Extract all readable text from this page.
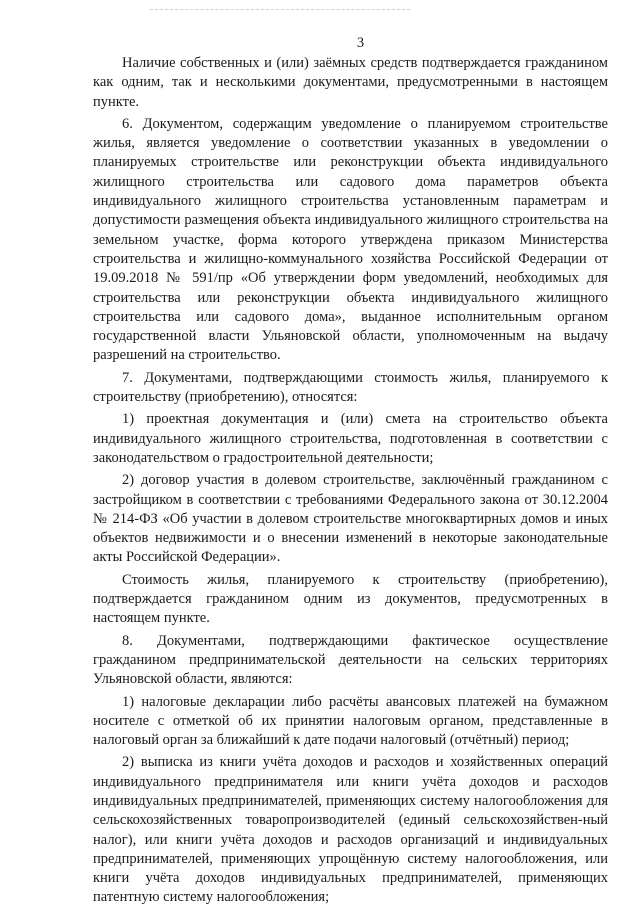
3

Наличие собственных и (или) заёмных средств подтверждается гражданином как одним, так и несколькими документами, предусмотренными в настоящем пункте.

6. Документом, содержащим уведомление о планируемом строительстве жилья, является уведомление о соответствии указанных в уведомлении о планируемых строительстве или реконструкции объекта индивидуального жилищного строительства или садового дома параметров объекта индивидуального жилищного строительства установленным параметрам и допустимости размещения объекта индивидуального жилищного строительства на земельном участке, форма которого утверждена приказом Министерства строительства и жилищно-коммунального хозяйства Российской Федерации от 19.09.2018 № 591/пр «Об утверждении форм уведомлений, необходимых для строительства или реконструкции объекта индивидуального жилищного строительства или садового дома», выданное исполнительным органом государственной власти Ульяновской области, уполномоченным на выдачу разрешений на строительство.

7. Документами, подтверждающими стоимость жилья, планируемого к строительству (приобретению), относятся:

1) проектная документация и (или) смета на строительство объекта индивидуального жилищного строительства, подготовленная в соответствии с законодательством о градостроительной деятельности;

2) договор участия в долевом строительстве, заключённый гражданином с застройщиком в соответствии с требованиями Федерального закона от 30.12.2004 № 214-ФЗ «Об участии в долевом строительстве многоквартирных домов и иных объектов недвижимости и о внесении изменений в некоторые законодательные акты Российской Федерации».

Стоимость жилья, планируемого к строительству (приобретению), подтверждается гражданином одним из документов, предусмотренных в настоящем пункте.

8. Документами, подтверждающими фактическое осуществление гражданином предпринимательской деятельности на сельских территориях Ульяновской области, являются:

1) налоговые декларации либо расчёты авансовых платежей на бумажном носителе с отметкой об их принятии налоговым органом, представленные в налоговый орган за ближайший к дате подачи налоговый (отчётный) период;

2) выписка из книги учёта доходов и расходов и хозяйственных операций индивидуального предпринимателя или книги учёта доходов и расходов индивидуальных предпринимателей, применяющих систему налогообложения для сельскохозяйственных товаропроизводителей (единый сельскохозяйствен-ный налог), или книги учёта доходов и расходов организаций и индивидуальных предпринимателей, применяющих упрощённую систему налогообложения, или книги учёта доходов индивидуальных предпринимателей, применяющих патентную систему налогообложения;
